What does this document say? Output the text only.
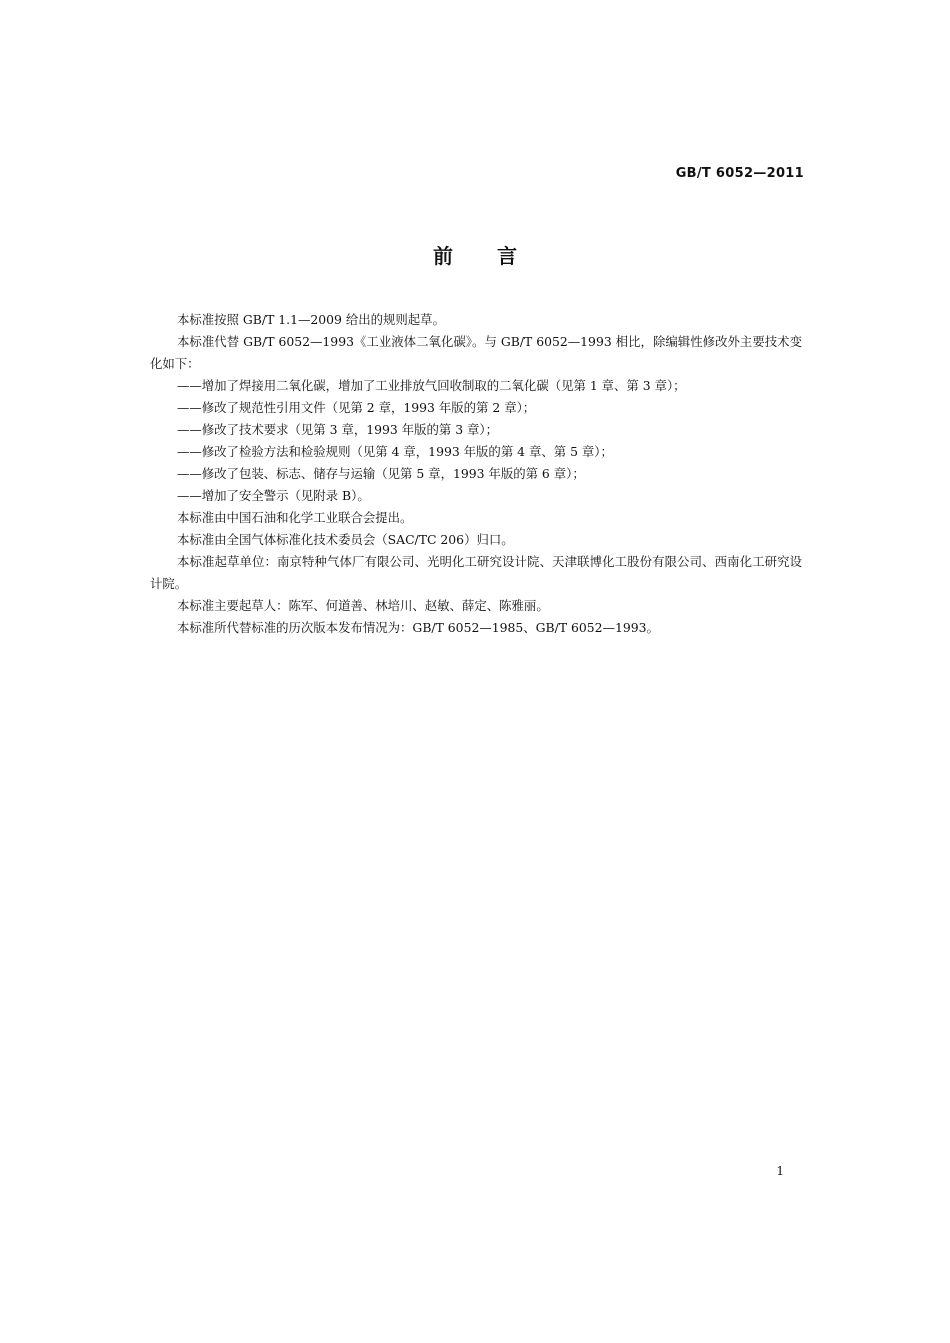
GB/T 6052—2011
前言

本标准按照 GB/T 1.1—2009 给出的规则起草。

本标准代替 GB/T 6052—1993《工业液体二氧化碳》。与 GB/T 6052—1993 相比，除编辑性修改外主要技术变化如下：

——增加了焊接用二氧化碳，增加了工业排放气回收制取的二氧化碳（见第 1 章、第 3 章）；

——修改了规范性引用文件（见第 2 章，1993 年版的第 2 章）；

——修改了技术要求（见第 3 章，1993 年版的第 3 章）；

——修改了检验方法和检验规则（见第 4 章，1993 年版的第 4 章、第 5 章）；

——修改了包装、标志、储存与运输（见第 5 章，1993 年版的第 6 章）；

——增加了安全警示（见附录 B）。

本标准由中国石油和化学工业联合会提出。

本标准由全国气体标准化技术委员会（SAC/TC 206）归口。

本标准起草单位：南京特种气体厂有限公司、光明化工研究设计院、天津联博化工股份有限公司、西南化工研究设计院。

本标准主要起草人：陈军、何道善、林培川、赵敏、薛定、陈雅丽。

本标准所代替标准的历次版本发布情况为：GB/T 6052—1985、GB/T 6052—1993。

1
